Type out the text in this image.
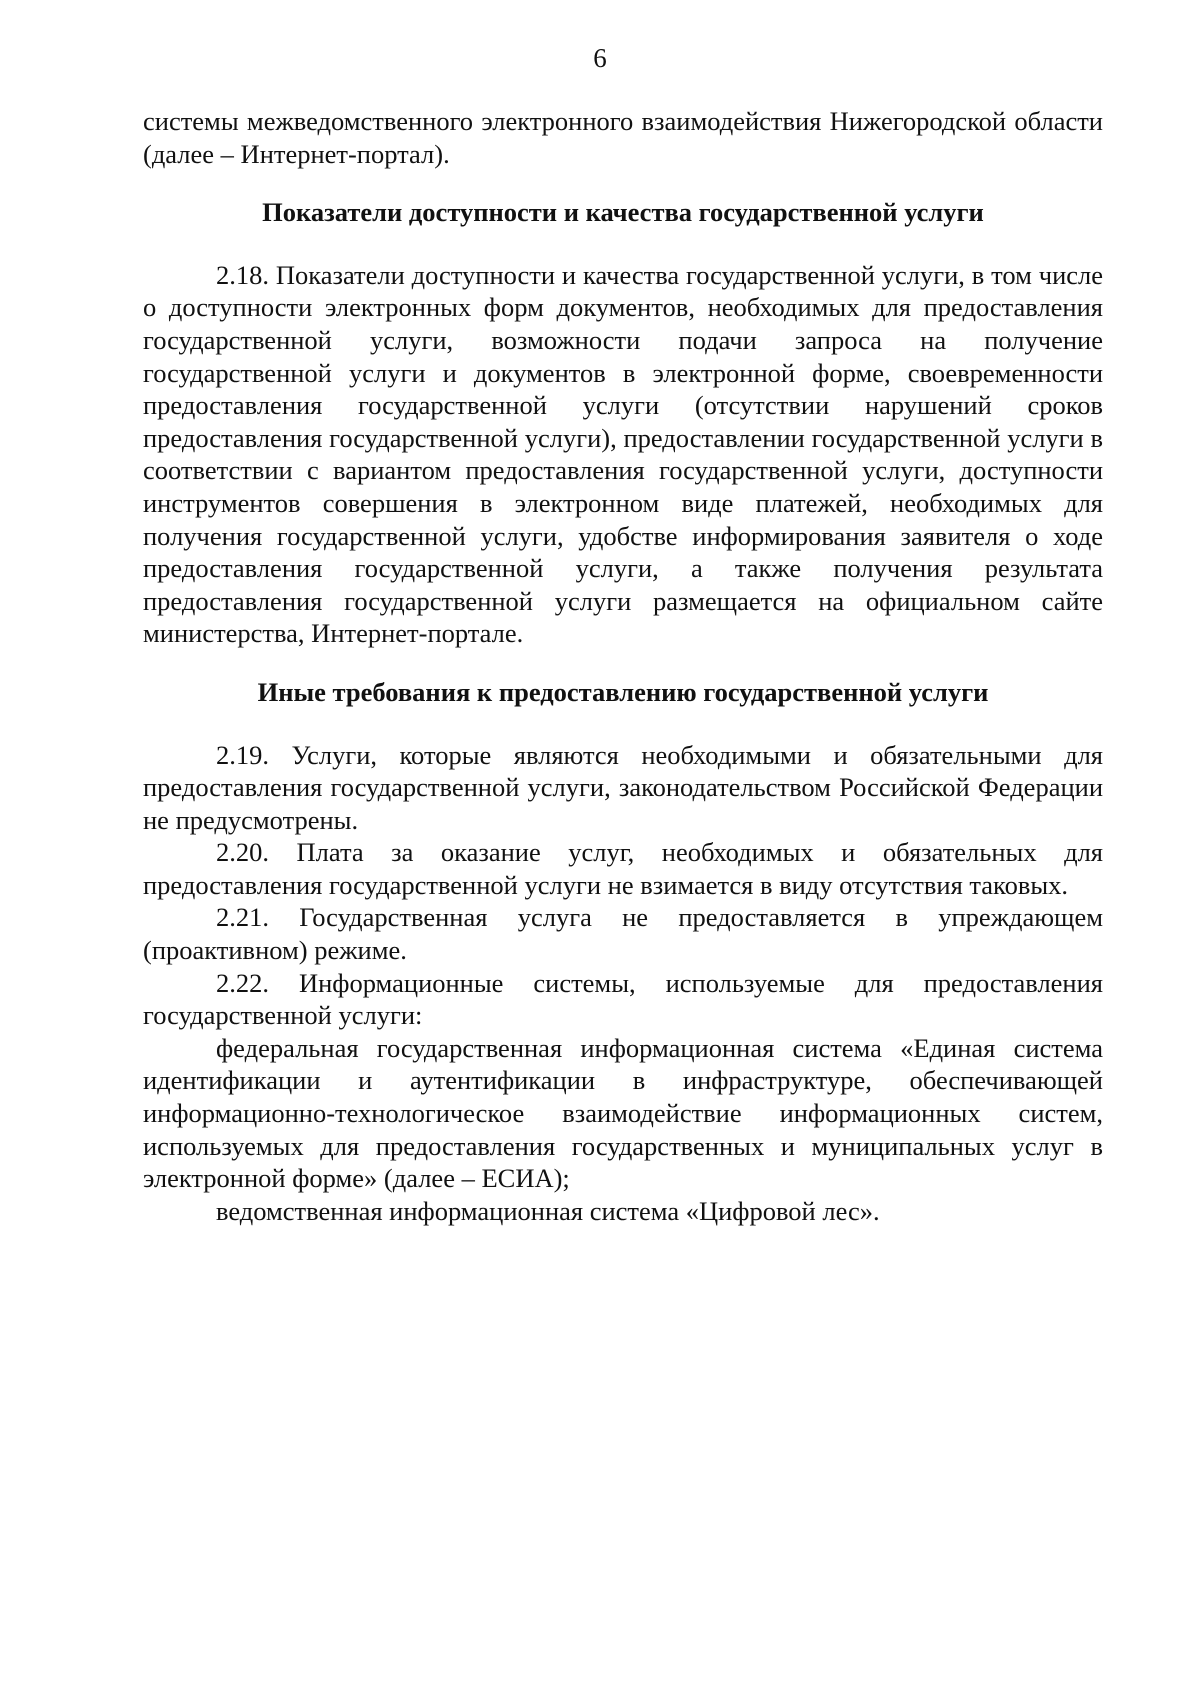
6

системы межведомственного электронного взаимодействия Нижегородской области (далее – Интернет-портал).

Показатели доступности и качества государственной услуги

2.18. Показатели доступности и качества государственной услуги, в том числе о доступности электронных форм документов, необходимых для предоставления государственной услуги, возможности подачи запроса на получение государственной услуги и документов в электронной форме, своевременности предоставления государственной услуги (отсутствии нарушений сроков предоставления государственной услуги), предоставлении государственной услуги в соответствии с вариантом предоставления государственной услуги, доступности инструментов совершения в электронном виде платежей, необходимых для получения государственной услуги, удобстве информирования заявителя о ходе предоставления государственной услуги, а также получения результата предоставления государственной услуги размещается на официальном сайте министерства, Интернет-портале.

Иные требования к предоставлению государственной услуги

2.19. Услуги, которые являются необходимыми и обязательными для предоставления государственной услуги, законодательством Российской Федерации не предусмотрены.

2.20. Плата за оказание услуг, необходимых и обязательных для предоставления государственной услуги не взимается в виду отсутствия таковых.

2.21. Государственная услуга не предоставляется в упреждающем (проактивном) режиме.

2.22. Информационные системы, используемые для предоставления государственной услуги:

федеральная государственная информационная система «Единая система идентификации и аутентификации в инфраструктуре, обеспечивающей информационно-технологическое взаимодействие информационных систем, используемых для предоставления государственных и муниципальных услуг в электронной форме» (далее – ЕСИА);

ведомственная информационная система «Цифровой лес».
